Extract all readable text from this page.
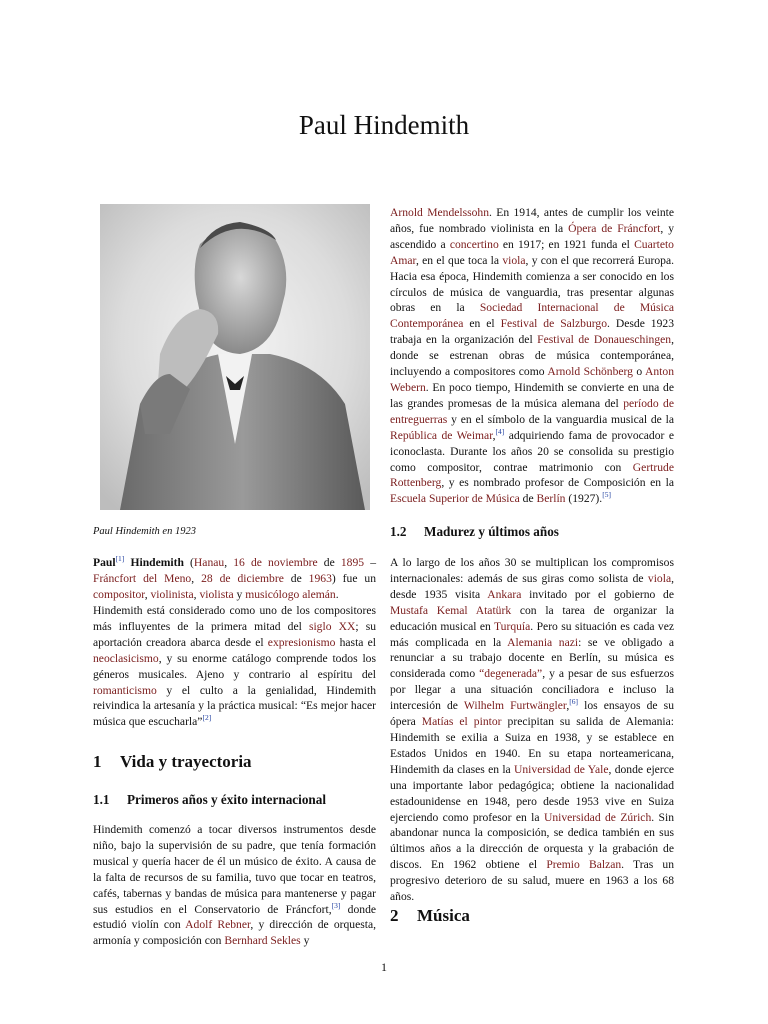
Paul Hindemith
Paul Hindemith en 1923

Paul[1] Hindemith (Hanau, 16 de noviembre de 1895 – Fráncfort del Meno, 28 de diciembre de 1963) fue un compositor, violinista, violista y musicólogo alemán.

Hindemith está considerado como uno de los compositores más influyentes de la primera mitad del siglo XX; su aportación creadora abarca desde el expresionismo hasta el neoclasicismo, y su enorme catálogo comprende todos los géneros musicales. Ajeno y contrario al espíritu del romanticismo y el culto a la genialidad, Hindemith reivindica la artesanía y la práctica musical: “Es mejor hacer música que escucharla”[2]

1 Vida y trayectoria
1.1 Primeros años y éxito internacional

Hindemith comenzó a tocar diversos instrumentos desde niño, bajo la supervisión de su padre, que tenía formación musical y quería hacer de él un músico de éxito. A causa de la falta de recursos de su familia, tuvo que tocar en teatros, cafés, tabernas y bandas de música para mantenerse y pagar sus estudios en el Conservatorio de Fráncfort,[3] donde estudió violín con Adolf Rebner, y dirección de orquesta, armonía y composición con Bernhard Sekles y

Arnold Mendelssohn. En 1914, antes de cumplir los veinte años, fue nombrado violinista en la Ópera de Fráncfort, y ascendido a concertino en 1917; en 1921 funda el Cuarteto Amar, en el que toca la viola, y con el que recorrerá Europa. Hacia esa época, Hindemith comienza a ser conocido en los círculos de música de vanguardia, tras presentar algunas obras en la Sociedad Internacional de Música Contemporánea en el Festival de Salzburgo. Desde 1923 trabaja en la organización del Festival de Donaueschingen, donde se estrenan obras de música contemporánea, incluyendo a compositores como Arnold Schönberg o Anton Webern. En poco tiempo, Hindemith se convierte en una de las grandes promesas de la música alemana del período de entreguerras y en el símbolo de la vanguardia musical de la República de Weimar,[4] adquiriendo fama de provocador e iconoclasta. Durante los años 20 se consolida su prestigio como compositor, contrae matrimonio con Gertrude Rottenberg, y es nombrado profesor de Composición en la Escuela Superior de Música de Berlín (1927).[5]

1.2 Madurez y últimos años

A lo largo de los años 30 se multiplican los compromisos internacionales: además de sus giras como solista de viola, desde 1935 visita Ankara invitado por el gobierno de Mustafa Kemal Atatürk con la tarea de organizar la educación musical en Turquía. Pero su situación es cada vez más complicada en la Alemania nazi: se ve obligado a renunciar a su trabajo docente en Berlín, su música es considerada como “degenerada”, y a pesar de sus esfuerzos por llegar a una situación conciliadora e incluso la intercesión de Wilhelm Furtwängler,[6] los ensayos de su ópera Matías el pintor precipitan su salida de Alemania: Hindemith se exilia a Suiza en 1938, y se establece en Estados Unidos en 1940. En su etapa norteamericana, Hindemith da clases en la Universidad de Yale, donde ejerce una importante labor pedagógica; obtiene la nacionalidad estadounidense en 1948, pero desde 1953 vive en Suiza ejerciendo como profesor en la Universidad de Zúrich. Sin abandonar nunca la composición, se dedica también en sus últimos años a la dirección de orquesta y la grabación de discos. En 1962 obtiene el Premio Balzan. Tras un progresivo deterioro de su salud, muere en 1963 a los 68 años.

2 Música
1
